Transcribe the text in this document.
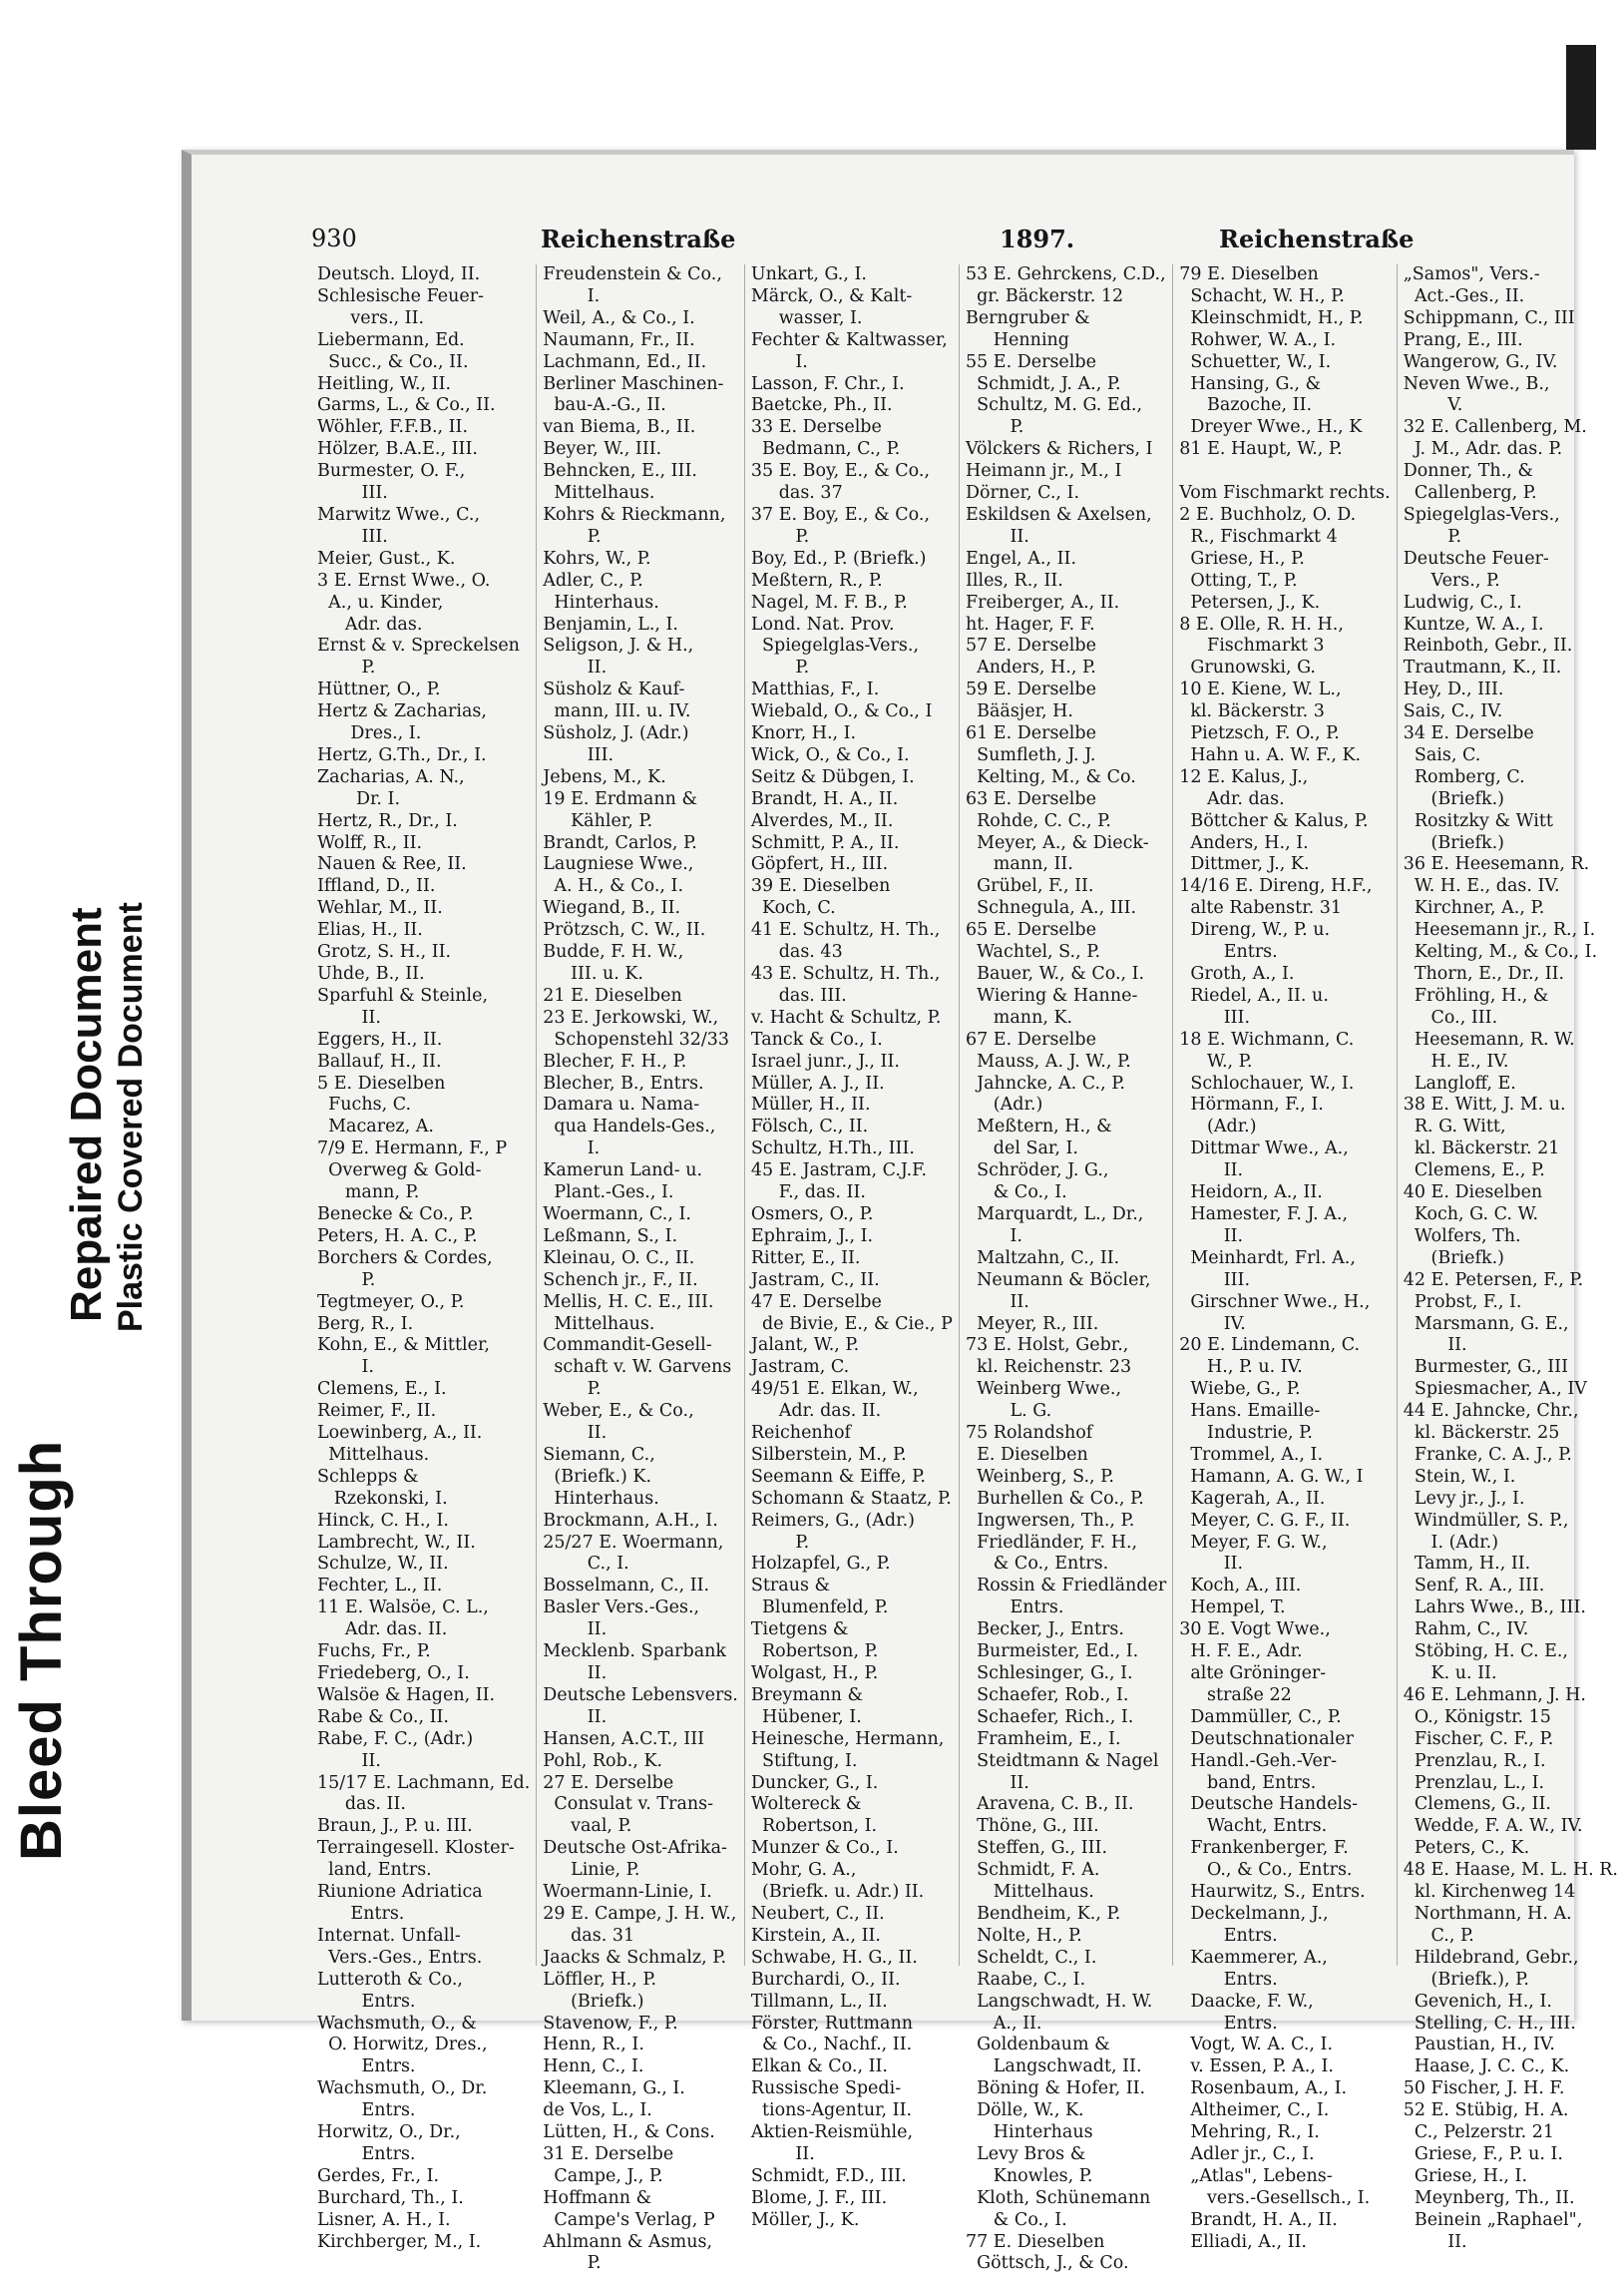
Bleed Through
Repaired Document Plastic Covered Document
930	Reichenstraße	1897.	Reichenstraße
Deutsch. Lloyd, II.
Schlesische Feuer-
vers., II.
Liebermann, Ed.
Succ., & Co., II.
Heitling, W., II.
Garms, L., & Co., II.
Wöhler, F.F.B., II.
Hölzer, B.A.E., III.
Burmester, O. F.,
III.
Marwitz Wwe., C.,
III.
Meier, Gust., K.
3 E. Ernst Wwe., O.
A., u. Kinder,
Adr. das.
Ernst & v. Spreckelsen
P.
Hüttner, O., P.
Hertz & Zacharias,
Dres., I.
Hertz, G.Th., Dr., I.
Zacharias, A. N.,
Dr. I.
Hertz, R., Dr., I.
Wolff, R., II.
Nauen & Ree, II.
Iffland, D., II.
Wehlar, M., II.
Elias, H., II.
Grotz, S. H., II.
Uhde, B., II.
Sparfuhl & Steinle,
II.
Eggers, H., II.
Ballauf, H., II.
5 E. Dieselben
Fuchs, C.
Macarez, A.
7/9 E. Hermann, F., P
Overweg & Gold-
mann, P.
Benecke & Co., P.
Peters, H. A. C., P.
Borchers & Cordes,
P.
Tegtmeyer, O., P.
Berg, R., I.
Kohn, E., & Mittler,
I.
Clemens, E., I.
Reimer, F., II.
Loewinberg, A., II.
Mittelhaus.
Schlepps &
Rzekonski, I.
Hinck, C. H., I.
Lambrecht, W., II.
Schulze, W., II.
Fechter, L., II.
11 E. Walsöe, C. L.,
Adr. das. II.
Fuchs, Fr., P.
Friedeberg, O., I.
Walsöe & Hagen, II.
Rabe & Co., II.
Rabe, F. C., (Adr.)
II.
15/17 E. Lachmann, Ed.
das. II.
Braun, J., P. u. III.
Terraingesell. Kloster-
land, Entrs.
Riunione Adriatica
Entrs.
Internat. Unfall-
Vers.-Ges., Entrs.
Lutteroth & Co.,
Entrs.
Wachsmuth, O., &
O. Horwitz, Dres.,
Entrs.
Wachsmuth, O., Dr.
Entrs.
Horwitz, O., Dr.,
Entrs.
Gerdes, Fr., I.
Burchard, Th., I.
Lisner, A. H., I.
Kirchberger, M., I.
Freudenstein & Co.,
I.
Weil, A., & Co., I.
Naumann, Fr., II.
Lachmann, Ed., II.
Berliner Maschinen-
bau-A.-G., II.
van Biema, B., II.
Beyer, W., III.
Behncken, E., III.
Mittelhaus.
Kohrs & Rieckmann,
P.
Kohrs, W., P.
Adler, C., P.
Hinterhaus.
Benjamin, L., I.
Seligson, J. & H.,
II.
Süsholz & Kauf-
mann, III. u. IV.
Süsholz, J. (Adr.)
III.
Jebens, M., K.
19 E. Erdmann &
Kähler, P.
Brandt, Carlos, P.
Laugniese Wwe.,
A. H., & Co., I.
Wiegand, B., II.
Prötzsch, C. W., II.
Budde, F. H. W.,
III. u. K.
21 E. Dieselben
23 E. Jerkowski, W.,
Schopenstehl 32/33
Blecher, F. H., P.
Blecher, B., Entrs.
Damara u. Nama-
qua Handels-Ges.,
I.
Kamerun Land- u.
Plant.-Ges., I.
Woermann, C., I.
Leßmann, S., I.
Kleinau, O. C., II.
Schench jr., F., II.
Mellis, H. C. E., III.
Mittelhaus.
Commandit-Gesell-
schaft v. W. Garvens
P.
Weber, E., & Co.,
II.
Siemann, C.,
(Briefk.) K.
Hinterhaus.
Brockmann, A.H., I.
25/27 E. Woermann,
C., I.
Bosselmann, C., II.
Basler Vers.-Ges.,
II.
Mecklenb. Sparbank
II.
Deutsche Lebensvers.
II.
Hansen, A.C.T., III
Pohl, Rob., K.
27 E. Derselbe
Consulat v. Trans-
vaal, P.
Deutsche Ost-Afrika-
Linie, P.
Woermann-Linie, I.
29 E. Campe, J. H. W.,
das. 31
Jaacks & Schmalz, P.
Löffler, H., P.
(Briefk.)
Stavenow, F., P.
Henn, R., I.
Henn, C., I.
Kleemann, G., I.
de Vos, L., I.
Lütten, H., & Cons.
31 E. Derselbe
Campe, J., P.
Hoffmann &
Campe's Verlag, P
Ahlmann & Asmus,
P.
Unkart, G., I.
Märck, O., & Kalt-
wasser, I.
Fechter & Kaltwasser,
I.
Lasson, F. Chr., I.
Baetcke, Ph., II.
33 E. Derselbe
Bedmann, C., P.
35 E. Boy, E., & Co.,
das. 37
37 E. Boy, E., & Co.,
P.
Boy, Ed., P. (Briefk.)
Meßtern, R., P.
Nagel, M. F. B., P.
Lond. Nat. Prov.
Spiegelglas-Vers.,
P.
Matthias, F., I.
Wiebald, O., & Co., I
Knorr, H., I.
Wick, O., & Co., I.
Seitz & Dübgen, I.
Brandt, H. A., II.
Alverdes, M., II.
Schmitt, P. A., II.
Göpfert, H., III.
39 E. Dieselben
Koch, C.
41 E. Schultz, H. Th.,
das. 43
43 E. Schultz, H. Th.,
das. III.
v. Hacht & Schultz, P.
Tanck & Co., I.
Israel junr., J., II.
Müller, A. J., II.
Müller, H., II.
Fölsch, C., II.
Schultz, H.Th., III.
45 E. Jastram, C.J.F.
F., das. II.
Osmers, O., P.
Ephraim, J., I.
Ritter, E., II.
Jastram, C., II.
47 E. Derselbe
de Bivie, E., & Cie., P
Jalant, W., P.
Jastram, C.
49/51 E. Elkan, W.,
Adr. das. II.
Reichenhof
Silberstein, M., P.
Seemann & Eiffe, P.
Schomann & Staatz, P.
Reimers, G., (Adr.)
P.
Holzapfel, G., P.
Straus &
Blumenfeld, P.
Tietgens &
Robertson, P.
Wolgast, H., P.
Breymann &
Hübener, I.
Heinesche, Hermann,
Stiftung, I.
Duncker, G., I.
Woltereck &
Robertson, I.
Munzer & Co., I.
Mohr, G. A.,
(Briefk. u. Adr.) II.
Neubert, C., II.
Kirstein, A., II.
Schwabe, H. G., II.
Burchardi, O., II.
Tillmann, L., II.
Förster, Ruttmann
& Co., Nachf., II.
Elkan & Co., II.
Russische Spedi-
tions-Agentur, II.
Aktien-Reismühle,
II.
Schmidt, F.D., III.
Blome, J. F., III.
Möller, J., K.
53 E. Gehrckens, C.D.,
gr. Bäckerstr. 12
Berngruber &
Henning
55 E. Derselbe
Schmidt, J. A., P.
Schultz, M. G. Ed.,
P.
Völckers & Richers, I
Heimann jr., M., I
Dörner, C., I.
Eskildsen & Axelsen,
II.
Engel, A., II.
Illes, R., II.
Freiberger, A., II.
ht. Hager, F. F.
57 E. Derselbe
Anders, H., P.
59 E. Derselbe
Bääsjer, H.
61 E. Derselbe
Sumfleth, J. J.
Kelting, M., & Co.
63 E. Derselbe
Rohde, C. C., P.
Meyer, A., & Dieck-
mann, II.
Grübel, F., II.
Schnegula, A., III.
65 E. Derselbe
Wachtel, S., P.
Bauer, W., & Co., I.
Wiering & Hanne-
mann, K.
67 E. Derselbe
Mauss, A. J. W., P.
Jahncke, A. C., P.
(Adr.)
Meßtern, H., &
del Sar, I.
Schröder, J. G.,
& Co., I.
Marquardt, L., Dr.,
I.
Maltzahn, C., II.
Neumann & Böcler,
II.
Meyer, R., III.
73 E. Holst, Gebr.,
kl. Reichenstr. 23
Weinberg Wwe.,
L. G.
75 Rolandshof
E. Dieselben
Weinberg, S., P.
Burhellen & Co., P.
Ingwersen, Th., P.
Friedländer, F. H.,
& Co., Entrs.
Rossin & Friedländer
Entrs.
Becker, J., Entrs.
Burmeister, Ed., I.
Schlesinger, G., I.
Schaefer, Rob., I.
Schaefer, Rich., I.
Framheim, E., I.
Steidtmann & Nagel
II.
Aravena, C. B., II.
Thöne, G., III.
Steffen, G., III.
Schmidt, F. A.
Mittelhaus.
Bendheim, K., P.
Nolte, H., P.
Scheldt, C., I.
Raabe, C., I.
Langschwadt, H. W.
A., II.
Goldenbaum &
Langschwadt, II.
Böning & Hofer, II.
Dölle, W., K.
Hinterhaus
Levy Bros &
Knowles, P.
Kloth, Schünemann
& Co., I.
77 E. Dieselben
Göttsch, J., & Co.
79 E. Dieselben
Schacht, W. H., P.
Kleinschmidt, H., P.
Rohwer, W. A., I.
Schuetter, W., I.
Hansing, G., &
Bazoche, II.
Dreyer Wwe., H., K
81 E. Haupt, W., P.

Vom Fischmarkt rechts.
2 E. Buchholz, O. D.
R., Fischmarkt 4
Griese, H., P.
Otting, T., P.
Petersen, J., K.
8 E. Olle, R. H. H.,
Fischmarkt 3
Grunowski, G.
10 E. Kiene, W. L.,
kl. Bäckerstr. 3
Pietzsch, F. O., P.
Hahn u. A. W. F., K.
12 E. Kalus, J.,
Adr. das.
Böttcher & Kalus, P.
Anders, H., I.
Dittmer, J., K.
14/16 E. Direng, H.F.,
alte Rabenstr. 31
Direng, W., P. u.
Entrs.
Groth, A., I.
Riedel, A., II. u.
III.
18 E. Wichmann, C.
W., P.
Schlochauer, W., I.
Hörmann, F., I.
(Adr.)
Dittmar Wwe., A.,
II.
Heidorn, A., II.
Hamester, F. J. A.,
II.
Meinhardt, Frl. A.,
III.
Girschner Wwe., H.,
IV.
20 E. Lindemann, C.
H., P. u. IV.
Wiebe, G., P.
Hans. Emaille-
Industrie, P.
Trommel, A., I.
Hamann, A. G. W., I
Kagerah, A., II.
Meyer, C. G. F., II.
Meyer, F. G. W.,
II.
Koch, A., III.
Hempel, T.
30 E. Vogt Wwe.,
H. F. E., Adr.
alte Gröninger-
straße 22
Dammüller, C., P.
Deutschnationaler
Handl.-Geh.-Ver-
band, Entrs.
Deutsche Handels-
Wacht, Entrs.
Frankenberger, F.
O., & Co., Entrs.
Haurwitz, S., Entrs.
Deckelmann, J.,
Entrs.
Kaemmerer, A.,
Entrs.
Daacke, F. W.,
Entrs.
Vogt, W. A. C., I.
v. Essen, P. A., I.
Rosenbaum, A., I.
Altheimer, C., I.
Mehring, R., I.
Adler jr., C., I.
„Atlas", Lebens-
vers.-Gesellsch., I.
Brandt, H. A., II.
Elliadi, A., II.
„Samos", Vers.-
Act.-Ges., II.
Schippmann, C., III
Prang, E., III.
Wangerow, G., IV.
Neven Wwe., B.,
V.
32 E. Callenberg, M.
J. M., Adr. das. P.
Donner, Th., &
Callenberg, P.
Spiegelglas-Vers.,
P.
Deutsche Feuer-
Vers., P.
Ludwig, C., I.
Kuntze, W. A., I.
Reinboth, Gebr., II.
Trautmann, K., II.
Hey, D., III.
Sais, C., IV.
34 E. Derselbe
Sais, C.
Romberg, C.
(Briefk.)
Rositzky & Witt
(Briefk.)
36 E. Heesemann, R.
W. H. E., das. IV.
Kirchner, A., P.
Heesemann jr., R., I.
Kelting, M., & Co., I.
Thorn, E., Dr., II.
Fröhling, H., &
Co., III.
Heesemann, R. W.
H. E., IV.
Langloff, E.
38 E. Witt, J. M. u.
R. G. Witt,
kl. Bäckerstr. 21
Clemens, E., P.
40 E. Dieselben
Koch, G. C. W.
Wolfers, Th.
(Briefk.)
42 E. Petersen, F., P.
Probst, F., I.
Marsmann, G. E.,
II.
Burmester, G., III
Spiesmacher, A., IV
44 E. Jahncke, Chr.,
kl. Bäckerstr. 25
Franke, C. A. J., P.
Stein, W., I.
Levy jr., J., I.
Windmüller, S. P.,
I. (Adr.)
Tamm, H., II.
Senf, R. A., III.
Lahrs Wwe., B., III.
Rahm, C., IV.
Stöbing, H. C. E.,
K. u. II.
46 E. Lehmann, J. H.
O., Königstr. 15
Fischer, C. F., P.
Prenzlau, R., I.
Prenzlau, L., I.
Clemens, G., II.
Wedde, F. A. W., IV.
Peters, C., K.
48 E. Haase, M. L. H. R.
kl. Kirchenweg 14
Northmann, H. A.
C., P.
Hildebrand, Gebr.,
(Briefk.), P.
Gevenich, H., I.
Stelling, C. H., III.
Paustian, H., IV.
Haase, J. C. C., K.
50 Fischer, J. H. F.
52 E. Stübig, H. A.
C., Pelzerstr. 21
Griese, F., P. u. I.
Griese, H., I.
Meynberg, Th., II.
Beinein „Raphael",
II.
